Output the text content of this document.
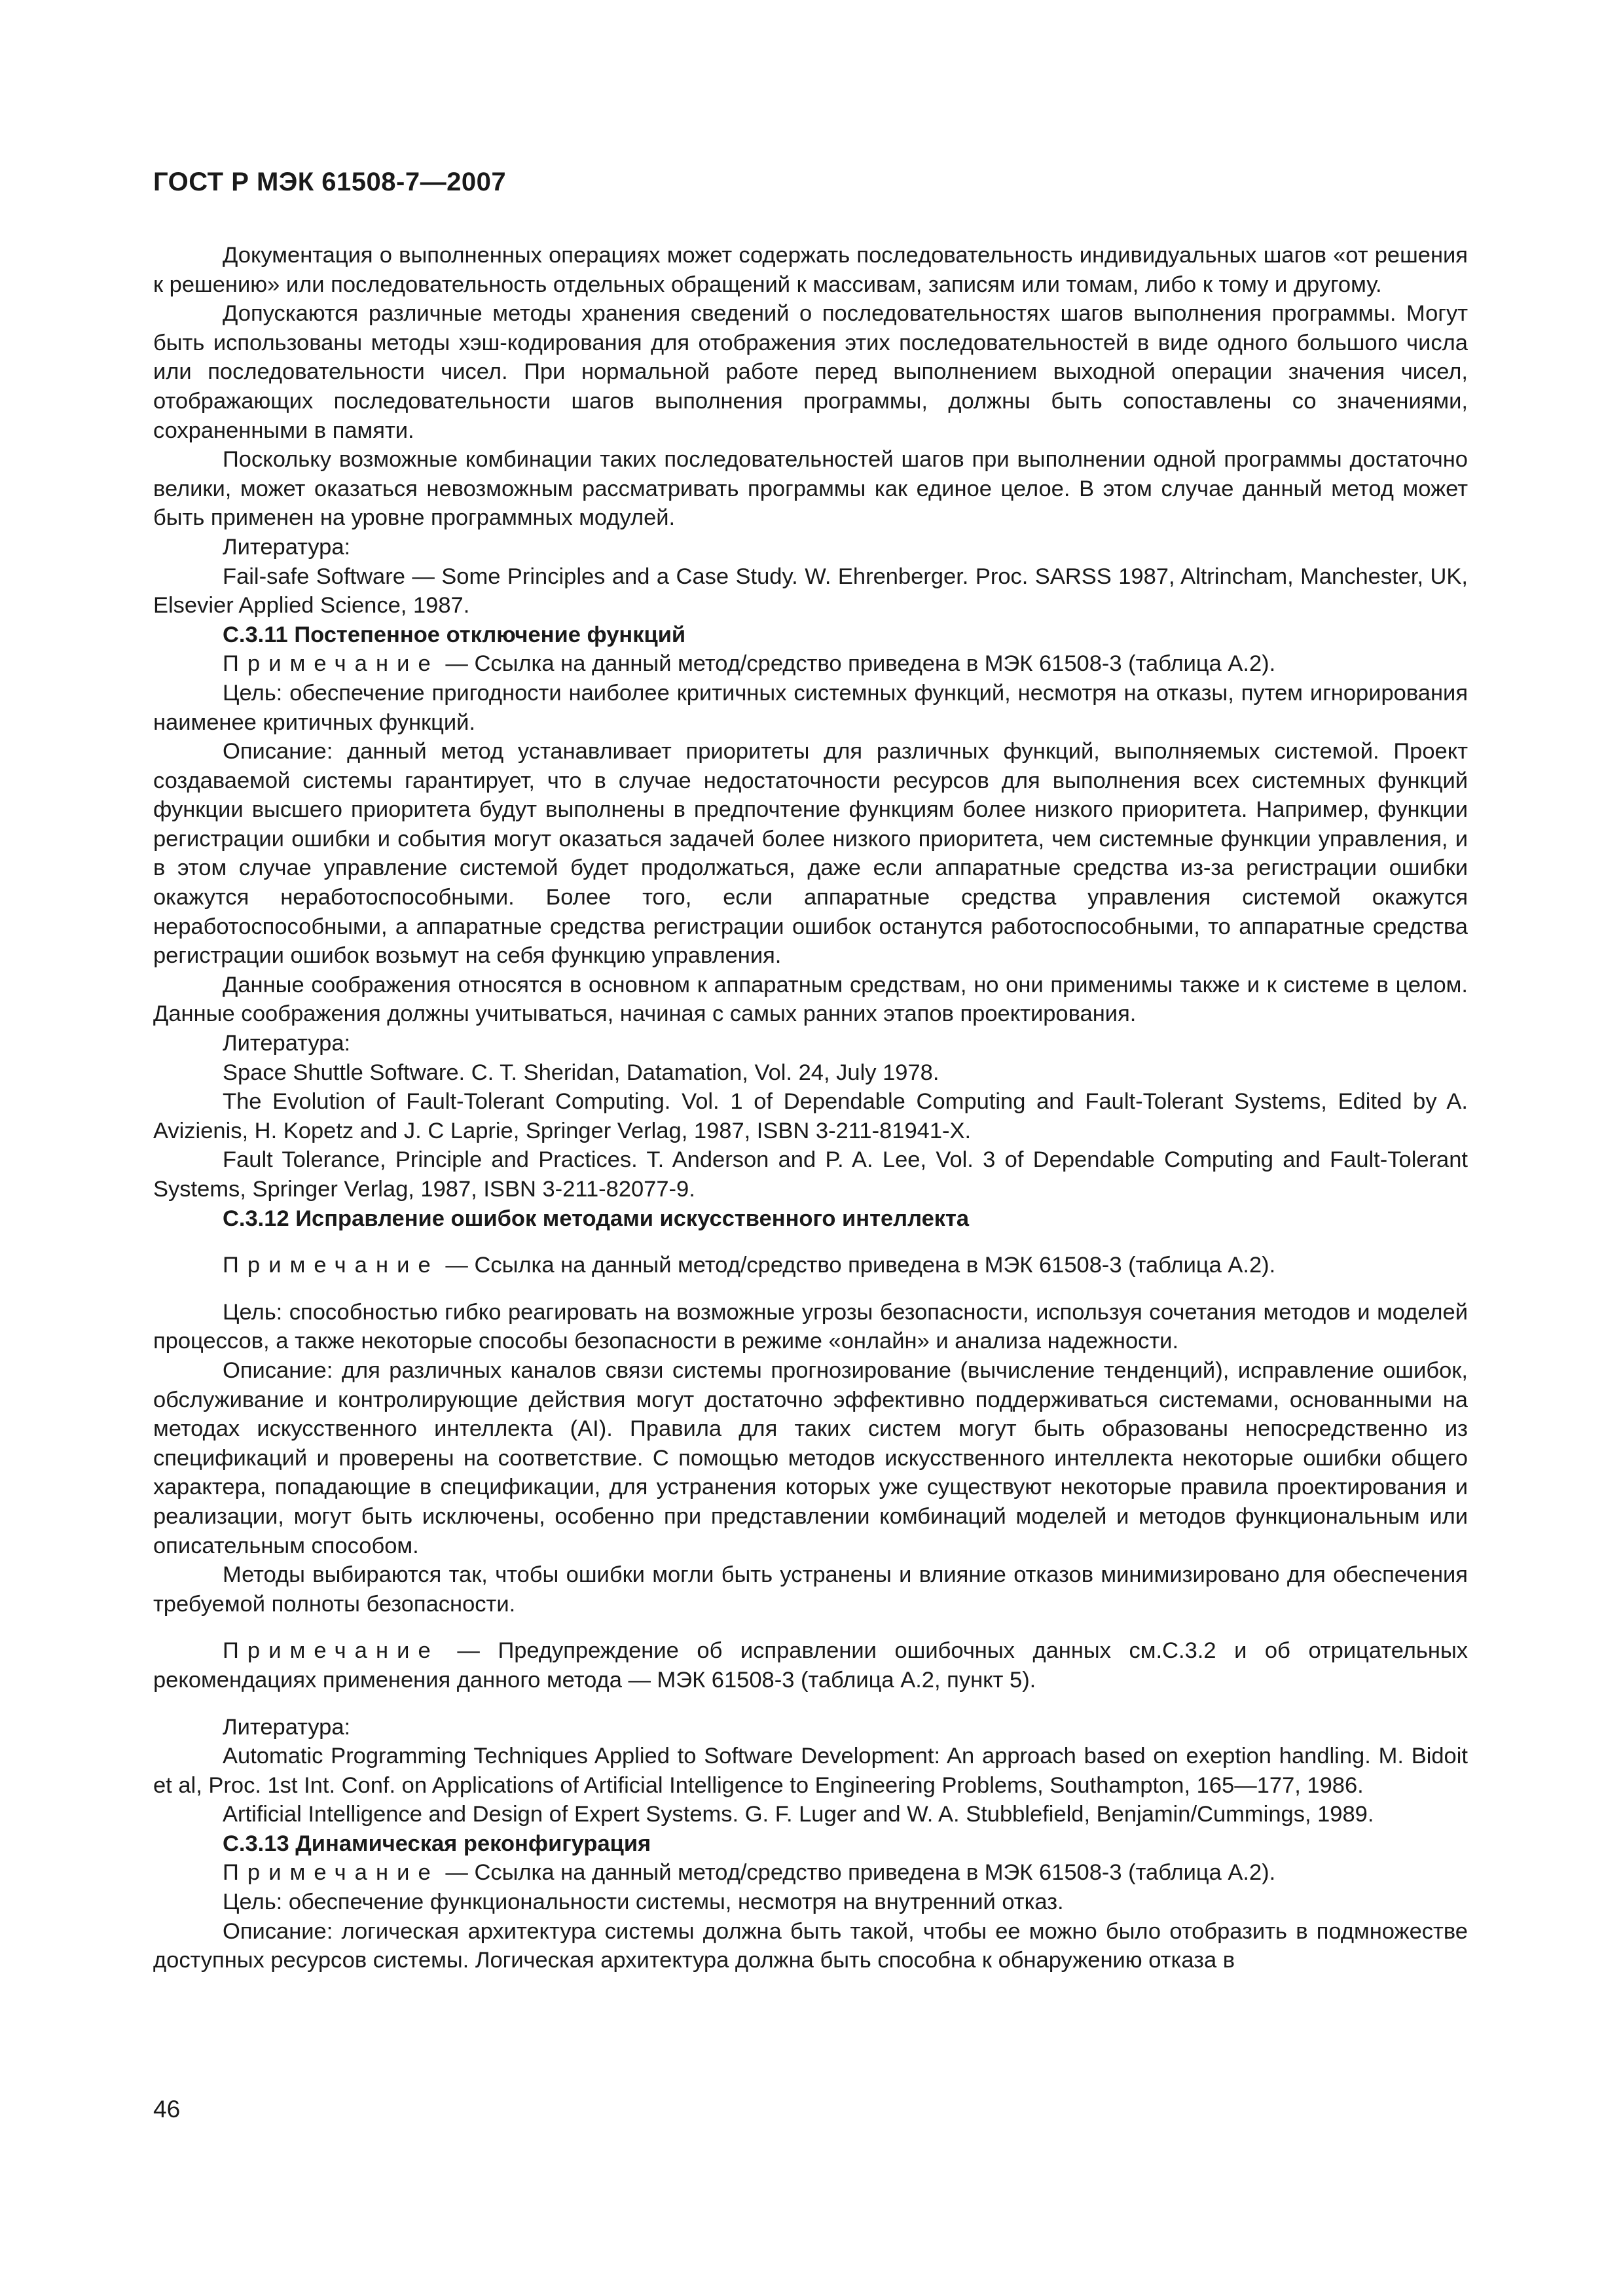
ГОСТ Р МЭК 61508-7—2007

Документация о выполненных операциях может содержать последовательность индивидуальных шагов «от решения к решению» или последовательность отдельных обращений к массивам, записям или томам, либо к тому и другому.

Допускаются различные методы хранения сведений о последовательностях шагов выполнения программы. Могут быть использованы методы хэш-кодирования для отображения этих последовательностей в виде одного большого числа или последовательности чисел. При нормальной работе перед выполнением выходной операции значения чисел, отображающих последовательности шагов выполнения программы, должны быть сопоставлены со значениями, сохраненными в памяти.

Поскольку возможные комбинации таких последовательностей шагов при выполнении одной программы достаточно велики, может оказаться невозможным рассматривать программы как единое целое. В этом случае данный метод может быть применен на уровне программных модулей.

Литература:

Fail-safe Software — Some Principles and a Case Study. W. Ehrenberger. Proc. SARSS 1987, Altrincham, Manchester, UK, Elsevier Applied Science, 1987.

С.3.11 Постепенное отключение функций

Примечание — Ссылка на данный метод/средство приведена в МЭК 61508-3 (таблица А.2).

Цель: обеспечение пригодности наиболее критичных системных функций, несмотря на отказы, путем игнорирования наименее критичных функций.

Описание: данный метод устанавливает приоритеты для различных функций, выполняемых системой. Проект создаваемой системы гарантирует, что в случае недостаточности ресурсов для выполнения всех системных функций функции высшего приоритета будут выполнены в предпочтение функциям более низкого приоритета. Например, функции регистрации ошибки и события могут оказаться задачей более низкого приоритета, чем системные функции управления, и в этом случае управление системой будет продолжаться, даже если аппаратные средства из-за регистрации ошибки окажутся неработоспособными. Более того, если аппаратные средства управления системой окажутся неработоспособными, а аппаратные средства регистрации ошибок останутся работоспособными, то аппаратные средства регистрации ошибок возьмут на себя функцию управления.

Данные соображения относятся в основном к аппаратным средствам, но они применимы также и к системе в целом. Данные соображения должны учитываться, начиная с самых ранних этапов проектирования.

Литература:

Space Shuttle Software. C. T. Sheridan, Datamation, Vol. 24, July 1978.

The Evolution of Fault-Tolerant Computing. Vol. 1 of Dependable Computing and Fault-Tolerant Systems, Edited by A. Avizienis, H. Kopetz and J. C Laprie, Springer Verlag, 1987, ISBN 3-211-81941-X.

Fault Tolerance, Principle and Practices. T. Anderson and P. A. Lee, Vol. 3 of Dependable Computing and Fault-Tolerant Systems, Springer Verlag, 1987, ISBN 3-211-82077-9.

С.3.12 Исправление ошибок методами искусственного интеллекта

Примечание — Ссылка на данный метод/средство приведена в МЭК 61508-3 (таблица А.2).

Цель: способностью гибко реагировать на возможные угрозы безопасности, используя сочетания методов и моделей процессов, а также некоторые способы безопасности в режиме «онлайн» и анализа надежности.

Описание: для различных каналов связи системы прогнозирование (вычисление тенденций), исправление ошибок, обслуживание и контролирующие действия могут достаточно эффективно поддерживаться системами, основанными на методах искусственного интеллекта (AI). Правила для таких систем могут быть образованы непосредственно из спецификаций и проверены на соответствие. С помощью методов искусственного интеллекта некоторые ошибки общего характера, попадающие в спецификации, для устранения которых уже существуют некоторые правила проектирования и реализации, могут быть исключены, особенно при представлении комбинаций моделей и методов функциональным или описательным способом.

Методы выбираются так, чтобы ошибки могли быть устранены и влияние отказов минимизировано для обеспечения требуемой полноты безопасности.

Примечание — Предупреждение об исправлении ошибочных данных см.С.3.2 и об отрицательных рекомендациях применения данного метода — МЭК 61508-3 (таблица А.2, пункт 5).

Литература:

Automatic Programming Techniques Applied to Software Development: An approach based on exeption handling. M. Bidoit et al, Proc. 1st Int. Conf. on Applications of Artificial Intelligence to Engineering Problems, Southampton, 165—177, 1986.

Artificial Intelligence and Design of Expert Systems. G. F. Luger and W. A. Stubblefield, Benjamin/Cummings, 1989.

С.3.13 Динамическая реконфигурация

Примечание — Ссылка на данный метод/средство приведена в МЭК 61508-3 (таблица А.2).

Цель: обеспечение функциональности системы, несмотря на внутренний отказ.

Описание: логическая архитектура системы должна быть такой, чтобы ее можно было отобразить в подмножестве доступных ресурсов системы. Логическая архитектура должна быть способна к обнаружению отказа в

46
